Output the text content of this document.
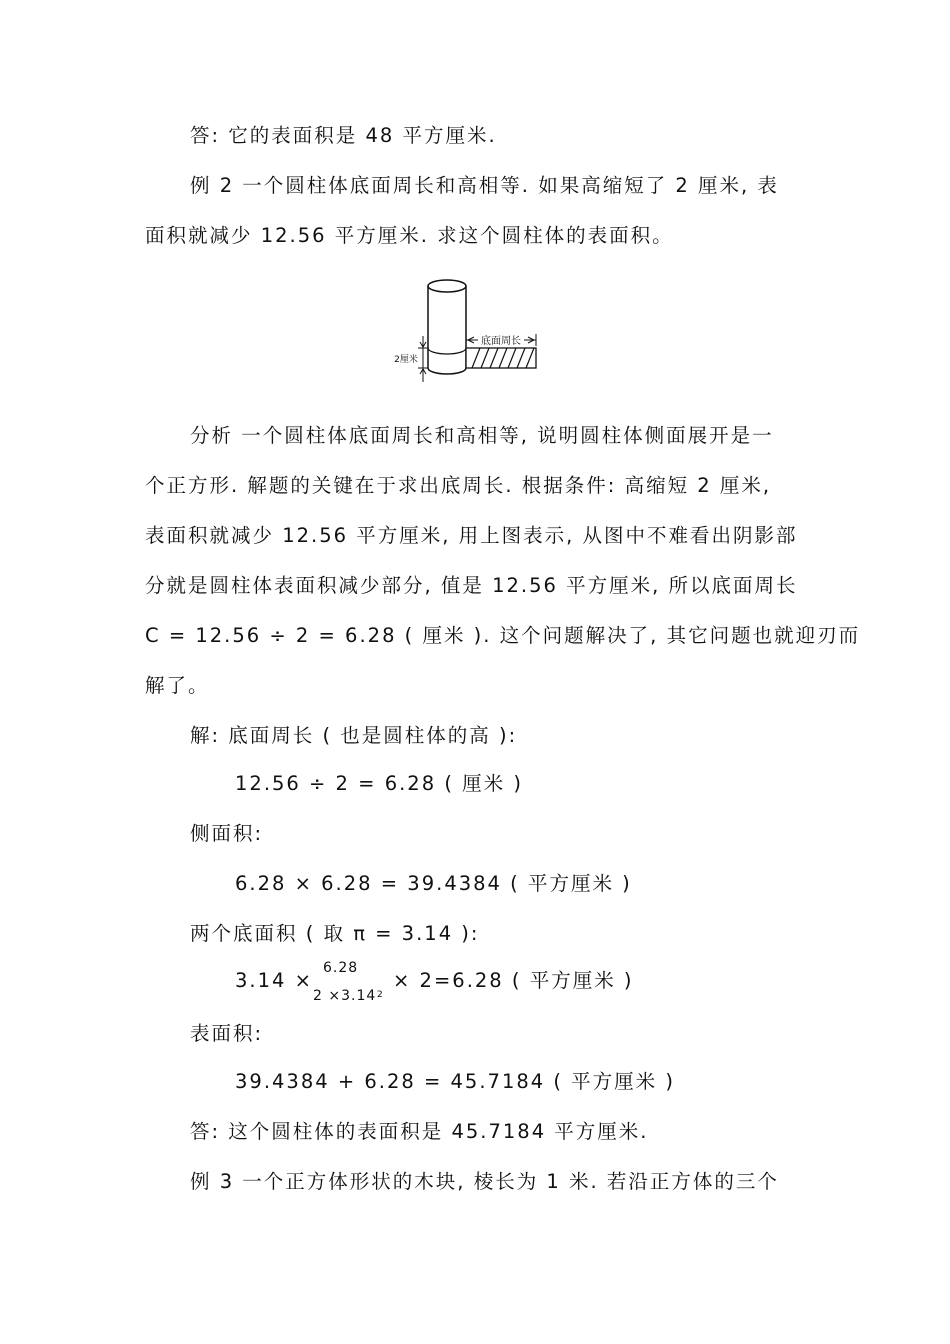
答: 它的表面积是 48 平方厘米.
例 2 一个圆柱体底面周长和高相等. 如果高缩短了 2 厘米, 表
面积就减少 12.56 平方厘米. 求这个圆柱体的表面积。
底面周长
2厘米
分析 一个圆柱体底面周长和高相等, 说明圆柱体侧面展开是一
个正方形. 解题的关键在于求出底周长. 根据条件: 高缩短 2 厘米,
表面积就减少 12.56 平方厘米, 用上图表示, 从图中不难看出阴影部
分就是圆柱体表面积减少部分, 值是 12.56 平方厘米, 所以底面周长
C = 12.56 ÷ 2 = 6.28 ( 厘米 ). 这个问题解决了, 其它问题也就迎刃而
解了。
解: 底面周长 ( 也是圆柱体的高 ):
12.56 ÷ 2 = 6.28 ( 厘米 )
侧面积:
6.28 × 6.28 = 39.4384 ( 平方厘米 )
两个底面积 ( 取 π = 3.14 ):
3.14 ×
6.28
2 ×3.14 2
× 2=6.28 ( 平方厘米 )
表面积:
39.4384 + 6.28 = 45.7184 ( 平方厘米 )
答: 这个圆柱体的表面积是 45.7184 平方厘米.
例 3 一个正方体形状的木块, 棱长为 1 米. 若沿正方体的三个
